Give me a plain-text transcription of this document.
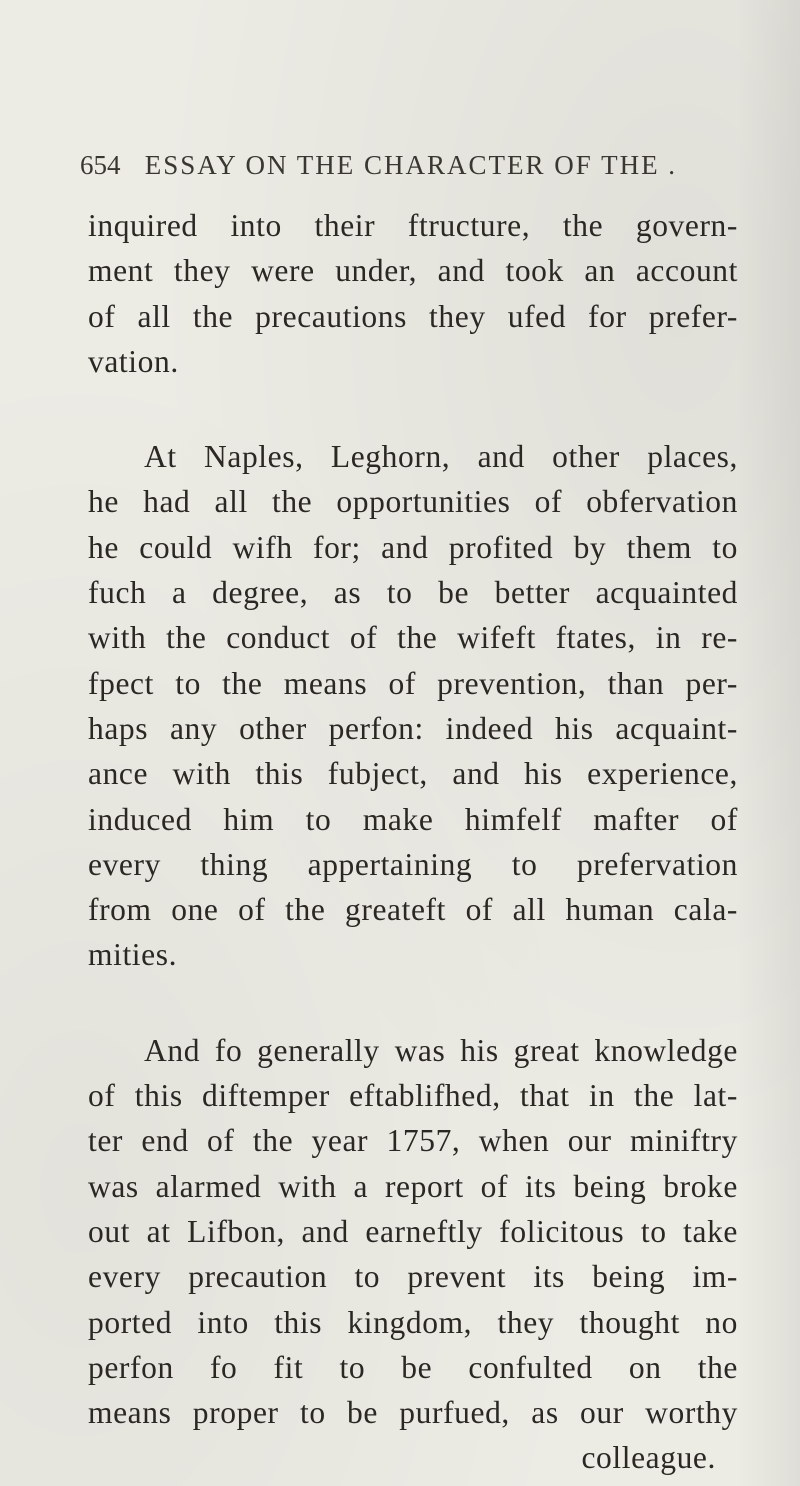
654 ESSAY ON THE CHARACTER OF THE .
inquired into their ftructure, the govern-
ment they were under, and took an account
of all the precautions they ufed for prefer-
vation.
At Naples, Leghorn, and other places,
he had all the opportunities of obfervation
he could wifh for; and profited by them to
fuch a degree, as to be better acquainted
with the conduct of the wifeft ftates, in re-
fpect to the means of prevention, than per-
haps any other perfon: indeed his acquaint-
ance with this fubject, and his experience,
induced him to make himfelf mafter of
every thing appertaining to prefervation
from one of the greateft of all human cala-
mities.
And fo generally was his great knowledge
of this diftemper eftablifhed, that in the lat-
ter end of the year 1757, when our miniftry
was alarmed with a report of its being broke
out at Lifbon, and earneftly folicitous to take
every precaution to prevent its being im-
ported into this kingdom, they thought no
perfon fo fit to be confulted on the
means proper to be purfued, as our worthy
colleague.
